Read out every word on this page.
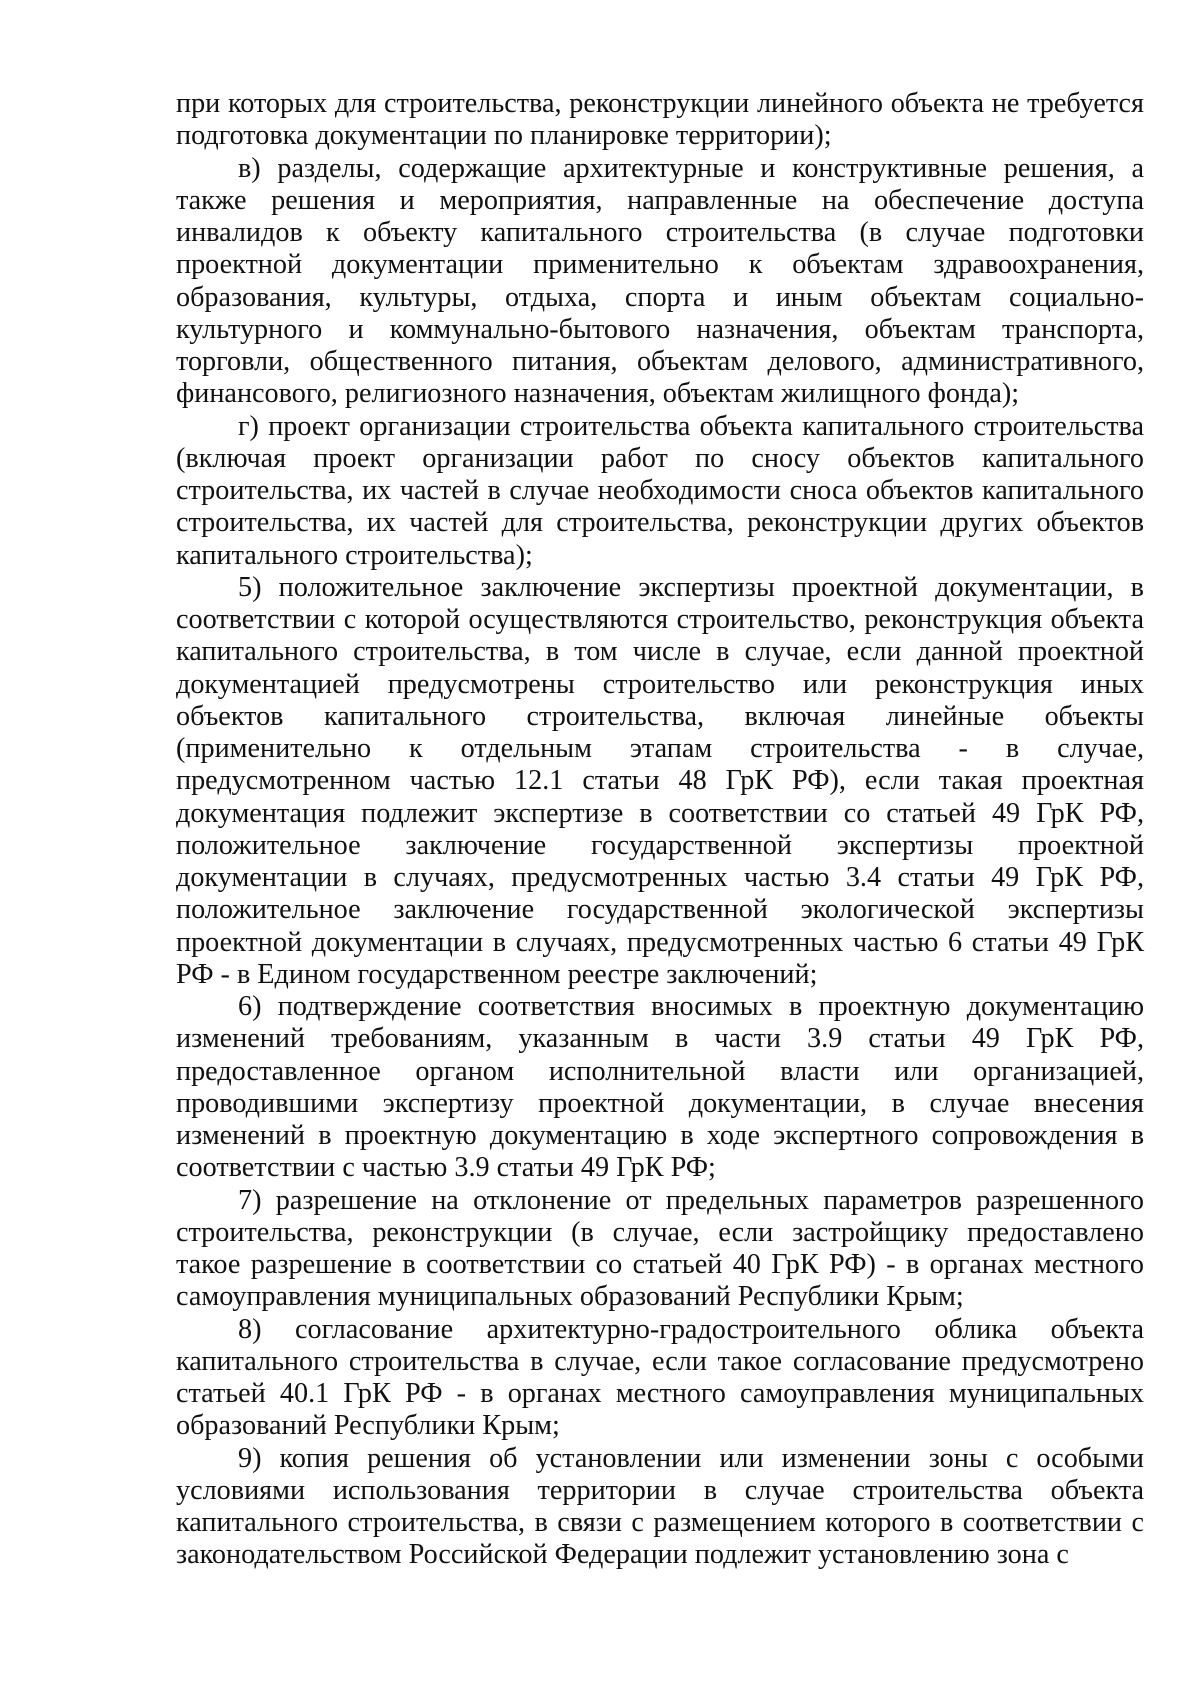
при которых для строительства, реконструкции линейного объекта не требуется подготовка документации по планировке территории);

в) разделы, содержащие архитектурные и конструктивные решения, а также решения и мероприятия, направленные на обеспечение доступа инвалидов к объекту капитального строительства (в случае подготовки проектной документации применительно к объектам здравоохранения, образования, культуры, отдыха, спорта и иным объектам социально-культурного и коммунально-бытового назначения, объектам транспорта, торговли, общественного питания, объектам делового, административного, финансового, религиозного назначения, объектам жилищного фонда);

г) проект организации строительства объекта капитального строительства (включая проект организации работ по сносу объектов капитального строительства, их частей в случае необходимости сноса объектов капитального строительства, их частей для строительства, реконструкции других объектов капитального строительства);

5) положительное заключение экспертизы проектной документации, в соответствии с которой осуществляются строительство, реконструкция объекта капитального строительства, в том числе в случае, если данной проектной документацией предусмотрены строительство или реконструкция иных объектов капитального строительства, включая линейные объекты (применительно к отдельным этапам строительства - в случае, предусмотренном частью 12.1 статьи 48 ГрК РФ), если такая проектная документация подлежит экспертизе в соответствии со статьей 49 ГрК РФ, положительное заключение государственной экспертизы проектной документации в случаях, предусмотренных частью 3.4 статьи 49 ГрК РФ, положительное заключение государственной экологической экспертизы проектной документации в случаях, предусмотренных частью 6 статьи 49 ГрК РФ - в Едином государственном реестре заключений;

6) подтверждение соответствия вносимых в проектную документацию изменений требованиям, указанным в части 3.9 статьи 49 ГрК РФ, предоставленное органом исполнительной власти или организацией, проводившими экспертизу проектной документации, в случае внесения изменений в проектную документацию в ходе экспертного сопровождения в соответствии с частью 3.9 статьи 49 ГрК РФ;

7) разрешение на отклонение от предельных параметров разрешенного строительства, реконструкции (в случае, если застройщику предоставлено такое разрешение в соответствии со статьей 40 ГрК РФ) - в органах местного самоуправления муниципальных образований Республики Крым;

8) согласование архитектурно-градостроительного облика объекта капитального строительства в случае, если такое согласование предусмотрено статьей 40.1 ГрК РФ - в органах местного самоуправления муниципальных образований Республики Крым;

9) копия решения об установлении или изменении зоны с особыми условиями использования территории в случае строительства объекта капитального строительства, в связи с размещением которого в соответствии с законодательством Российской Федерации подлежит установлению зона с
